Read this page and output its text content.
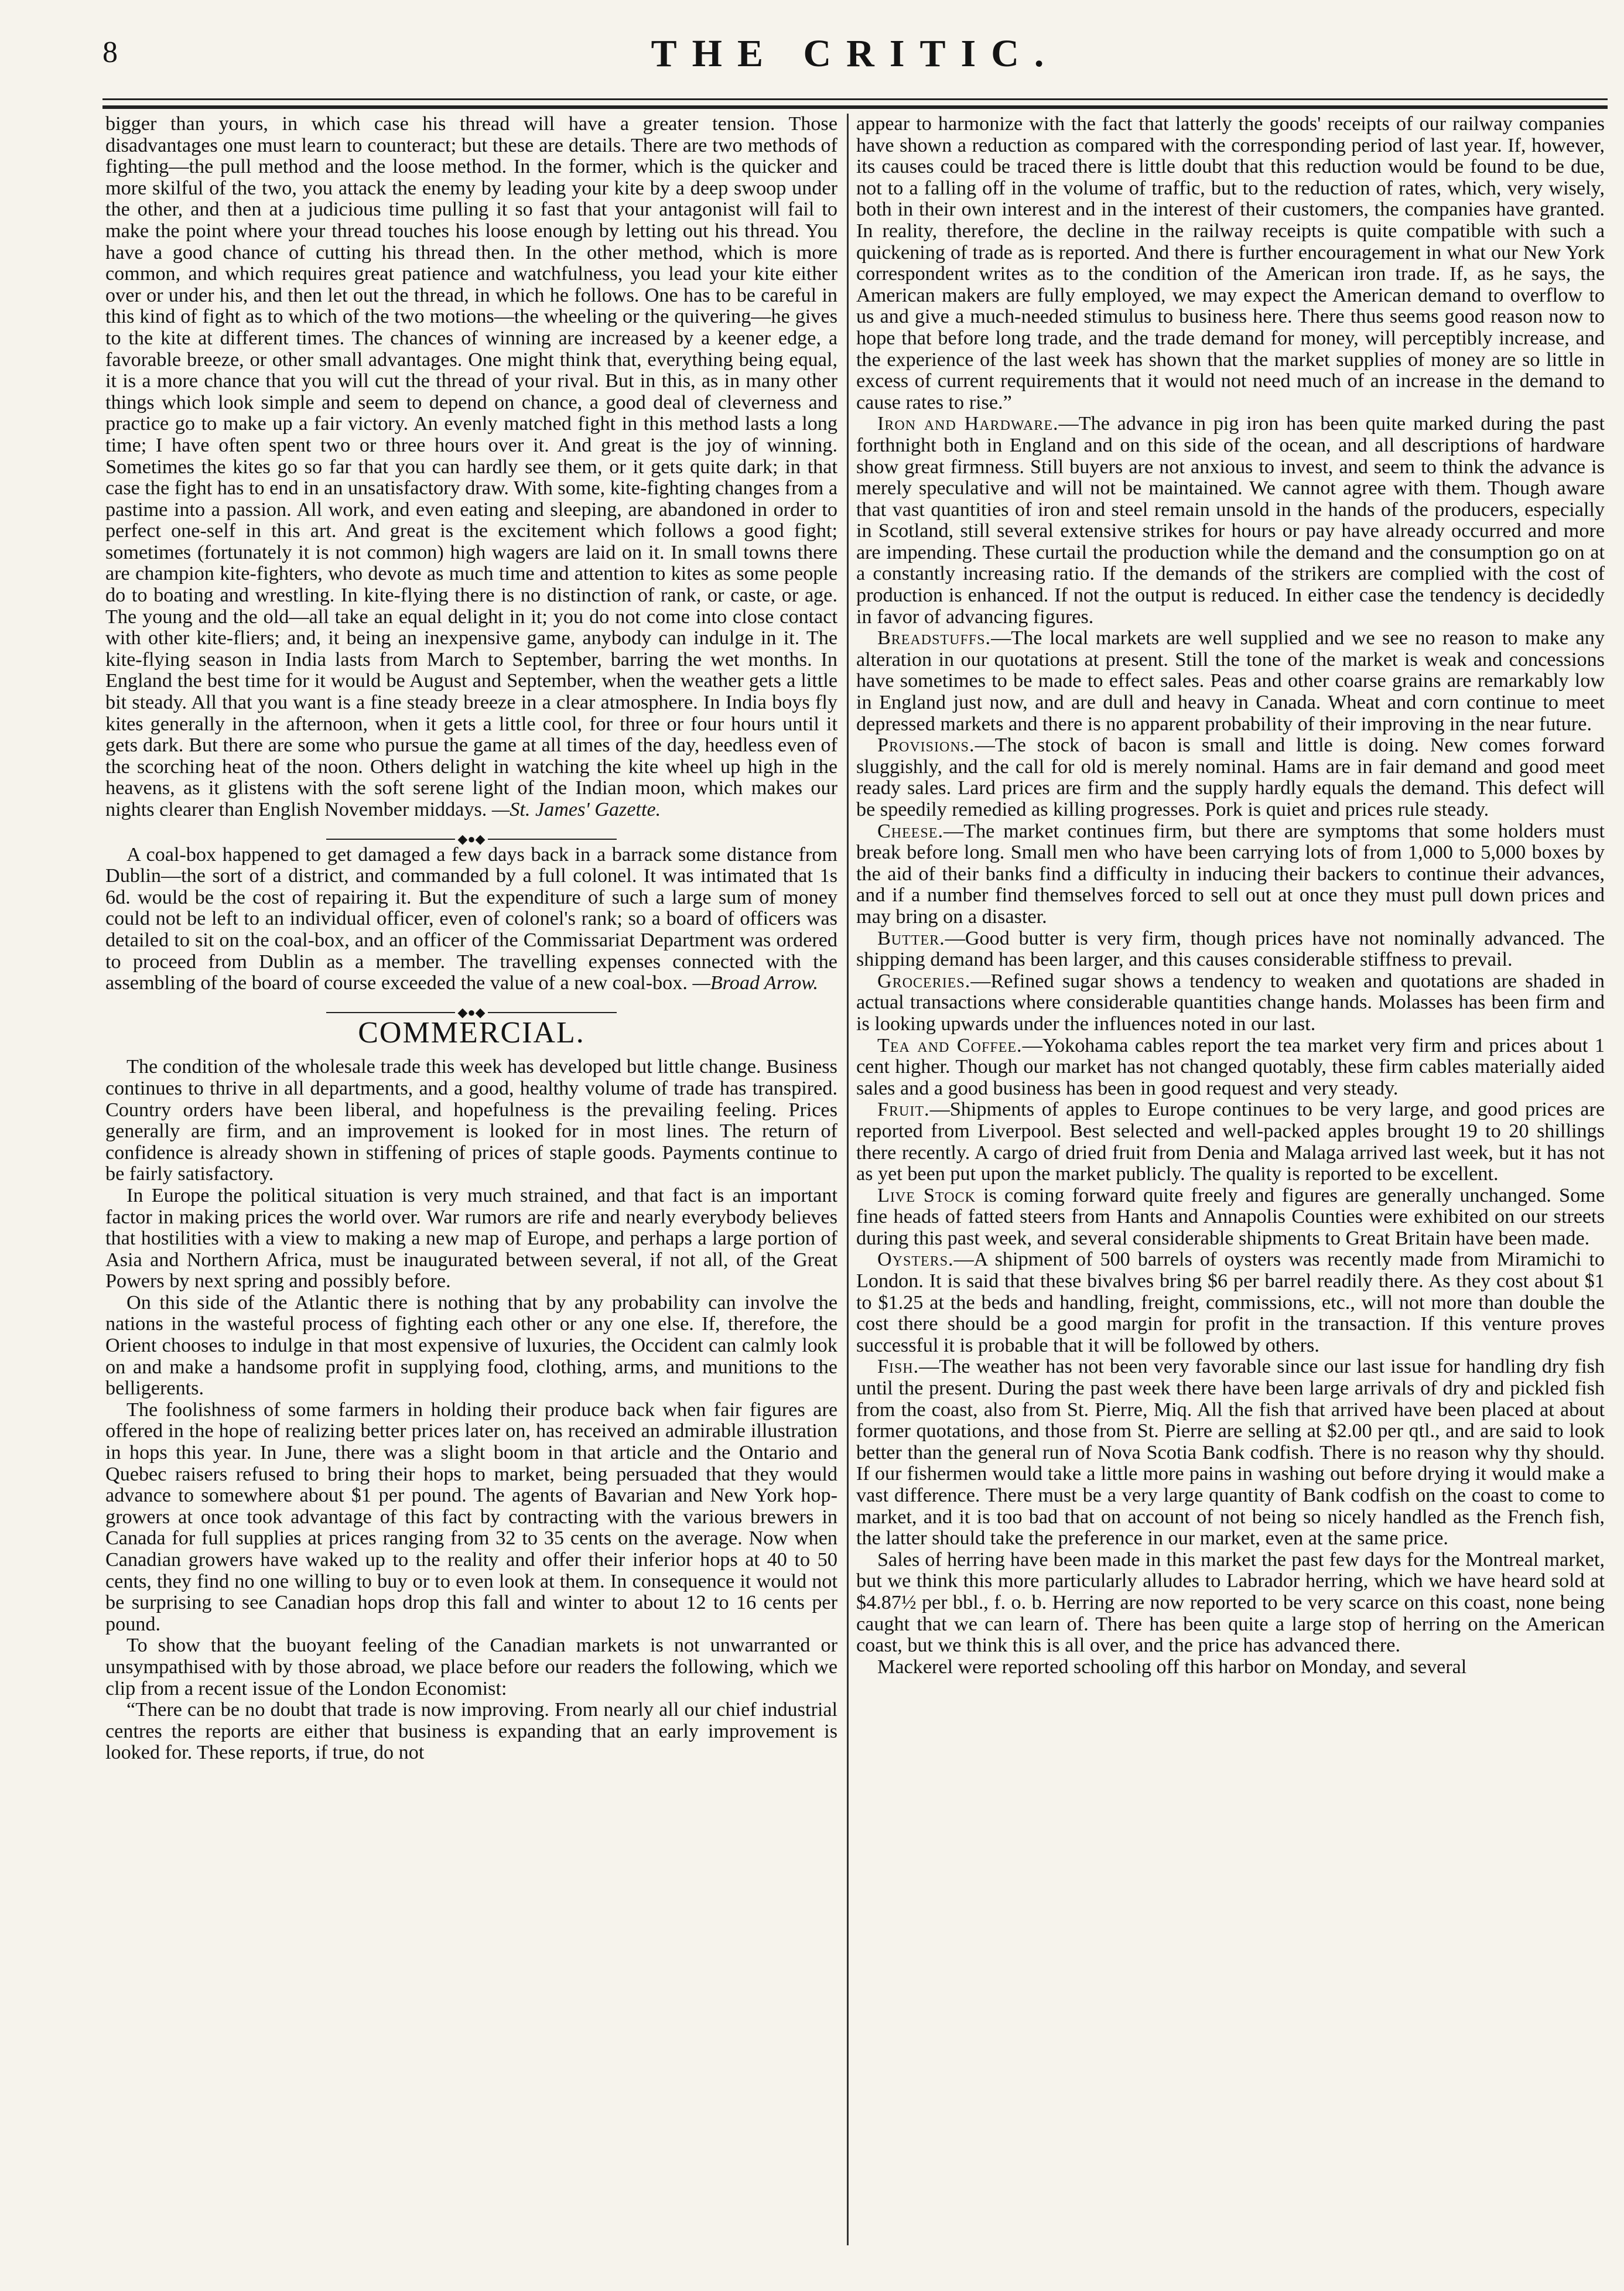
8	THE CRITIC.

bigger than yours, in which case his thread will have a greater tension. Those disadvantages one must learn to counteract; but these are details. There are two methods of fighting—the pull method and the loose method. In the former, which is the quicker and more skilful of the two, you attack the enemy by leading your kite by a deep swoop under the other, and then at a judicious time pulling it so fast that your antagonist will fail to make the point where your thread touches his loose enough by letting out his thread. You have a good chance of cutting his thread then. In the other method, which is more common, and which requires great patience and watchfulness, you lead your kite either over or under his, and then let out the thread, in which he follows. One has to be careful in this kind of fight as to which of the two motions—the wheeling or the quivering—he gives to the kite at different times. The chances of winning are increased by a keener edge, a favorable breeze, or other small advantages. One might think that, everything being equal, it is a more chance that you will cut the thread of your rival. But in this, as in many other things which look simple and seem to depend on chance, a good deal of cleverness and practice go to make up a fair victory. An evenly matched fight in this method lasts a long time; I have often spent two or three hours over it. And great is the joy of winning. Sometimes the kites go so far that you can hardly see them, or it gets quite dark; in that case the fight has to end in an unsatisfactory draw. With some, kite-fighting changes from a pastime into a passion. All work, and even eating and sleeping, are abandoned in order to perfect one-self in this art. And great is the excitement which follows a good fight; sometimes (fortunately it is not common) high wagers are laid on it. In small towns there are champion kite-fighters, who devote as much time and attention to kites as some people do to boating and wrestling. In kite-flying there is no distinction of rank, or caste, or age. The young and the old—all take an equal delight in it; you do not come into close contact with other kite-fliers; and, it being an inexpensive game, anybody can indulge in it. The kite-flying season in India lasts from March to September, barring the wet months. In England the best time for it would be August and September, when the weather gets a little bit steady. All that you want is a fine steady breeze in a clear atmosphere. In India boys fly kites generally in the afternoon, when it gets a little cool, for three or four hours until it gets dark. But there are some who pursue the game at all times of the day, heedless even of the scorching heat of the noon. Others delight in watching the kite wheel up high in the heavens, as it glistens with the soft serene light of the Indian moon, which makes our nights clearer than English November middays. —St. James' Gazette.

◆●◆

A coal-box happened to get damaged a few days back in a barrack some distance from Dublin—the sort of a district, and commanded by a full colonel. It was intimated that 1s 6d. would be the cost of repairing it. But the expenditure of such a large sum of money could not be left to an individual officer, even of colonel's rank; so a board of officers was detailed to sit on the coal-box, and an officer of the Commissariat Department was ordered to proceed from Dublin as a member. The travelling expenses connected with the assembling of the board of course exceeded the value of a new coal-box. —Broad Arrow.

◆●◆
COMMERCIAL.

The condition of the wholesale trade this week has developed but little change. Business continues to thrive in all departments, and a good, healthy volume of trade has transpired. Country orders have been liberal, and hopefulness is the prevailing feeling. Prices generally are firm, and an improvement is looked for in most lines. The return of confidence is already shown in stiffening of prices of staple goods. Payments continue to be fairly satisfactory.

In Europe the political situation is very much strained, and that fact is an important factor in making prices the world over. War rumors are rife and nearly everybody believes that hostilities with a view to making a new map of Europe, and perhaps a large portion of Asia and Northern Africa, must be inaugurated between several, if not all, of the Great Powers by next spring and possibly before.

On this side of the Atlantic there is nothing that by any probability can involve the nations in the wasteful process of fighting each other or any one else. If, therefore, the Orient chooses to indulge in that most expensive of luxuries, the Occident can calmly look on and make a handsome profit in supplying food, clothing, arms, and munitions to the belligerents.

The foolishness of some farmers in holding their produce back when fair figures are offered in the hope of realizing better prices later on, has received an admirable illustration in hops this year. In June, there was a slight boom in that article and the Ontario and Quebec raisers refused to bring their hops to market, being persuaded that they would advance to somewhere about $1 per pound. The agents of Bavarian and New York hop-growers at once took advantage of this fact by contracting with the various brewers in Canada for full supplies at prices ranging from 32 to 35 cents on the average. Now when Canadian growers have waked up to the reality and offer their inferior hops at 40 to 50 cents, they find no one willing to buy or to even look at them. In consequence it would not be surprising to see Canadian hops drop this fall and winter to about 12 to 16 cents per pound.

To show that the buoyant feeling of the Canadian markets is not unwarranted or unsympathised with by those abroad, we place before our readers the following, which we clip from a recent issue of the London Economist:

“There can be no doubt that trade is now improving. From nearly all our chief industrial centres the reports are either that business is expanding that an early improvement is looked for. These reports, if true, do not

appear to harmonize with the fact that latterly the goods' receipts of our railway companies have shown a reduction as compared with the corresponding period of last year. If, however, its causes could be traced there is little doubt that this reduction would be found to be due, not to a falling off in the volume of traffic, but to the reduction of rates, which, very wisely, both in their own interest and in the interest of their customers, the companies have granted. In reality, therefore, the decline in the railway receipts is quite compatible with such a quickening of trade as is reported. And there is further encouragement in what our New York correspondent writes as to the condition of the American iron trade. If, as he says, the American makers are fully employed, we may expect the American demand to overflow to us and give a much-needed stimulus to business here. There thus seems good reason now to hope that before long trade, and the trade demand for money, will perceptibly increase, and the experience of the last week has shown that the market supplies of money are so little in excess of current requirements that it would not need much of an increase in the demand to cause rates to rise.”

Iron and Hardware.—The advance in pig iron has been quite marked during the past forthnight both in England and on this side of the ocean, and all descriptions of hardware show great firmness. Still buyers are not anxious to invest, and seem to think the advance is merely speculative and will not be maintained. We cannot agree with them. Though aware that vast quantities of iron and steel remain unsold in the hands of the producers, especially in Scotland, still several extensive strikes for hours or pay have already occurred and more are impending. These curtail the production while the demand and the consumption go on at a constantly increasing ratio. If the demands of the strikers are complied with the cost of production is enhanced. If not the output is reduced. In either case the tendency is decidedly in favor of advancing figures.

Breadstuffs.—The local markets are well supplied and we see no reason to make any alteration in our quotations at present. Still the tone of the market is weak and concessions have sometimes to be made to effect sales. Peas and other coarse grains are remarkably low in England just now, and are dull and heavy in Canada. Wheat and corn continue to meet depressed markets and there is no apparent probability of their improving in the near future.

Provisions.—The stock of bacon is small and little is doing. New comes forward sluggishly, and the call for old is merely nominal. Hams are in fair demand and good meet ready sales. Lard prices are firm and the supply hardly equals the demand. This defect will be speedily remedied as killing progresses. Pork is quiet and prices rule steady.

Cheese.—The market continues firm, but there are symptoms that some holders must break before long. Small men who have been carrying lots of from 1,000 to 5,000 boxes by the aid of their banks find a difficulty in inducing their backers to continue their advances, and if a number find themselves forced to sell out at once they must pull down prices and may bring on a disaster.

Butter.—Good butter is very firm, though prices have not nominally advanced. The shipping demand has been larger, and this causes considerable stiffness to prevail.

Groceries.—Refined sugar shows a tendency to weaken and quotations are shaded in actual transactions where considerable quantities change hands. Molasses has been firm and is looking upwards under the influences noted in our last.

Tea and Coffee.—Yokohama cables report the tea market very firm and prices about 1 cent higher. Though our market has not changed quotably, these firm cables materially aided sales and a good business has been in good request and very steady.

Fruit.—Shipments of apples to Europe continues to be very large, and good prices are reported from Liverpool. Best selected and well-packed apples brought 19 to 20 shillings there recently. A cargo of dried fruit from Denia and Malaga arrived last week, but it has not as yet been put upon the market publicly. The quality is reported to be excellent.

Live Stock is coming forward quite freely and figures are generally unchanged. Some fine heads of fatted steers from Hants and Annapolis Counties were exhibited on our streets during this past week, and several considerable shipments to Great Britain have been made.

Oysters.—A shipment of 500 barrels of oysters was recently made from Miramichi to London. It is said that these bivalves bring $6 per barrel readily there. As they cost about $1 to $1.25 at the beds and handling, freight, commissions, etc., will not more than double the cost there should be a good margin for profit in the transaction. If this venture proves successful it is probable that it will be followed by others.

Fish.—The weather has not been very favorable since our last issue for handling dry fish until the present. During the past week there have been large arrivals of dry and pickled fish from the coast, also from St. Pierre, Miq. All the fish that arrived have been placed at about former quotations, and those from St. Pierre are selling at $2.00 per qtl., and are said to look better than the general run of Nova Scotia Bank codfish. There is no reason why thy should. If our fishermen would take a little more pains in washing out before drying it would make a vast difference. There must be a very large quantity of Bank codfish on the coast to come to market, and it is too bad that on account of not being so nicely handled as the French fish, the latter should take the preference in our market, even at the same price.

Sales of herring have been made in this market the past few days for the Montreal market, but we think this more particularly alludes to Labrador herring, which we have heard sold at $4.87½ per bbl., f. o. b. Herring are now reported to be very scarce on this coast, none being caught that we can learn of. There has been quite a large stop of herring on the American coast, but we think this is all over, and the price has advanced there.

Mackerel were reported schooling off this harbor on Monday, and several
